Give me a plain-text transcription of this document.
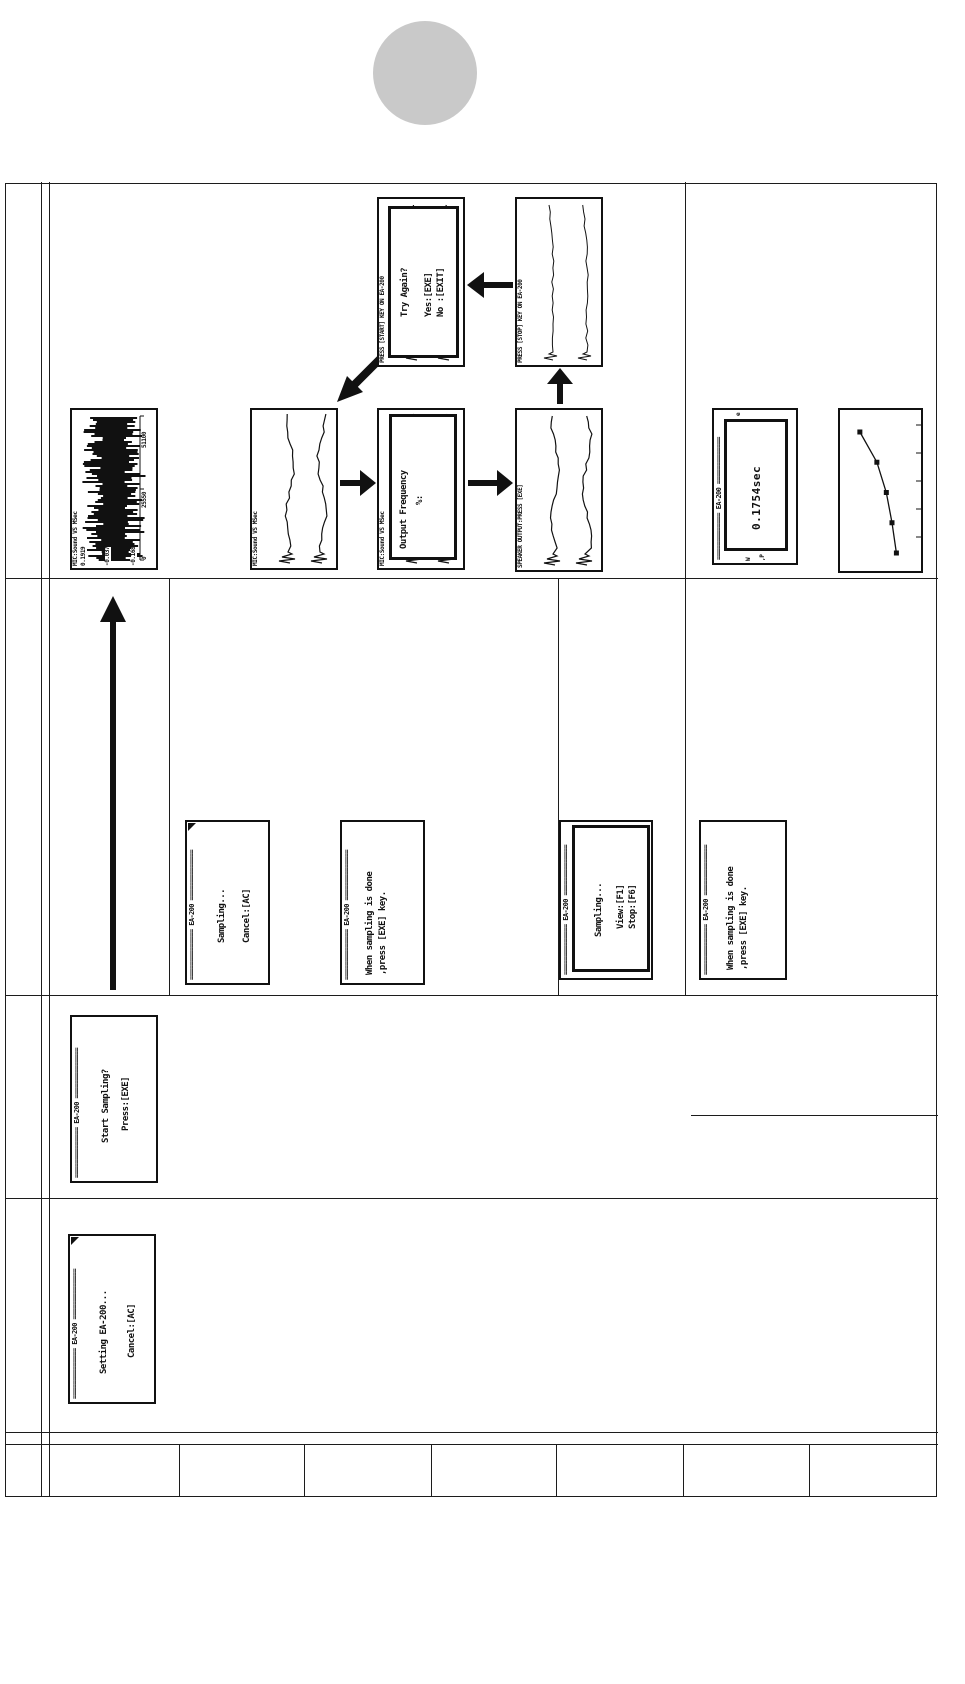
MIC:Sound VS MSec 0.1919	-0.037	-0.168 0
25550
51100
MIC:Sound VS MSec	MIC:Sound VS MSec Output Frequency %:	SPEAKER OUTPUT:PRESS [EXE]
PRESS [START] KEY ON EA-200 Try Again? Yes:[EXE] No :[EXIT]	PRESS [STOP] KEY ON EA-200
============= EA-200 =============	W ,P
e
0.1754sec
============== EA-200 ============== Sampling... Cancel:[AC]	============== EA-200 ============== When sampling is done ,press [EXE] key.	============== EA-200 ==============	Sampling... View:[F1] Stop:[F6]	============== EA-200 ============== When sampling is done ,press [EXE] key.
============== EA-200 ============== Start Sampling? Press:[EXE]
============== EA-200 ============== Setting EA-200... Cancel:[AC]
